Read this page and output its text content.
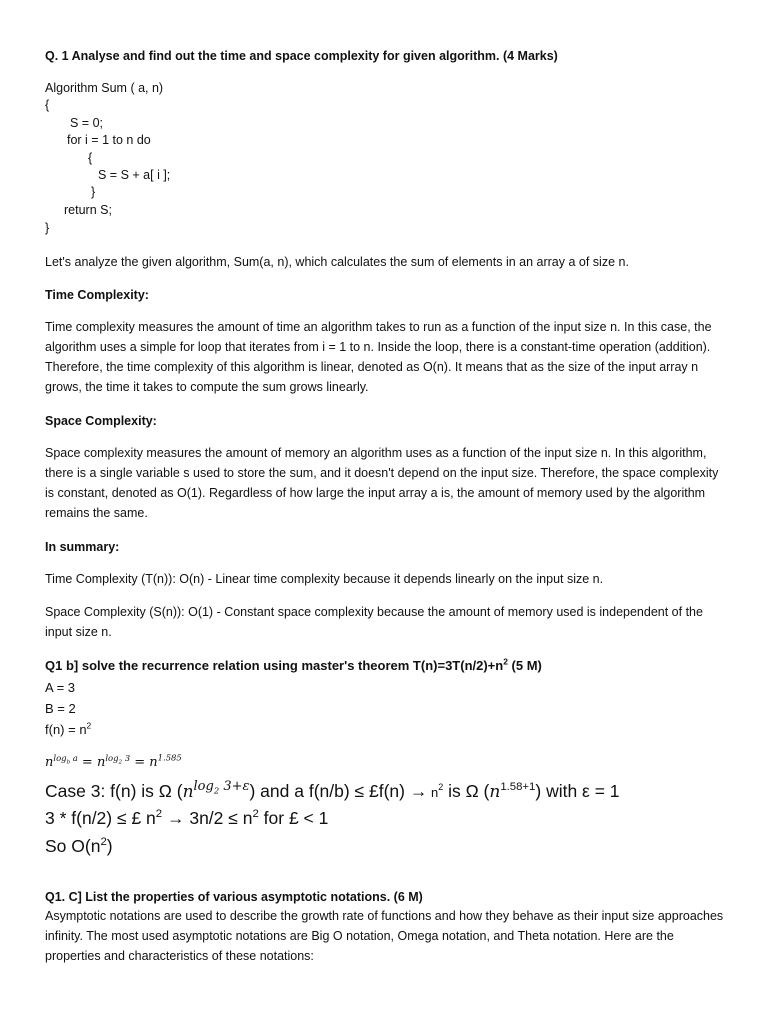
Q. 1 Analyse and find out the time and space complexity for given algorithm. (4 Marks)
Algorithm Sum ( a, n)
{
S = 0;
for i = 1 to n do
{
S = S + a[ i ];
}
return S;
}
Let's analyze the given algorithm, Sum(a, n), which calculates the sum of elements in an array a of size n.
Time Complexity:
Time complexity measures the amount of time an algorithm takes to run as a function of the input size n. In this case, the algorithm uses a simple for loop that iterates from i = 1 to n. Inside the loop, there is a constant-time operation (addition). Therefore, the time complexity of this algorithm is linear, denoted as O(n). It means that as the size of the input array n grows, the time it takes to compute the sum grows linearly.
Space Complexity:
Space complexity measures the amount of memory an algorithm uses as a function of the input size n. In this algorithm, there is a single variable s used to store the sum, and it doesn't depend on the input size. Therefore, the space complexity is constant, denoted as O(1). Regardless of how large the input array a is, the amount of memory used by the algorithm remains the same.
In summary:
Time Complexity (T(n)): O(n) - Linear time complexity because it depends linearly on the input size n.
Space Complexity (S(n)): O(1) - Constant space complexity because the amount of memory used is independent of the input size n.
Q1 b] solve the recurrence relation using master's theorem $T(n)=3T(n/2)+n^2$ (5 M)
A = 3
B = 2
$f(n) = n^2$
$n^{log_b a} = n^{log_2 3} = n^{1.585}$
Case 3: f(n) is Ω $(n^{log_2 3+\varepsilon})$ and a f(n/b) ≤ £f(n) → $n^2$ is Ω $(n^{1.58+1})$ with ε = 1
3 * f(n/2) ≤ £ $n^2 \to 3n/2 \le n^2$ for £ < 1
So $O(n^2)$
Q1. C] List the properties of various asymptotic notations. (6 M)
Asymptotic notations are used to describe the growth rate of functions and how they behave as their input size approaches infinity. The most used asymptotic notations are Big O notation, Omega notation, and Theta notation. Here are the properties and characteristics of these notations:
